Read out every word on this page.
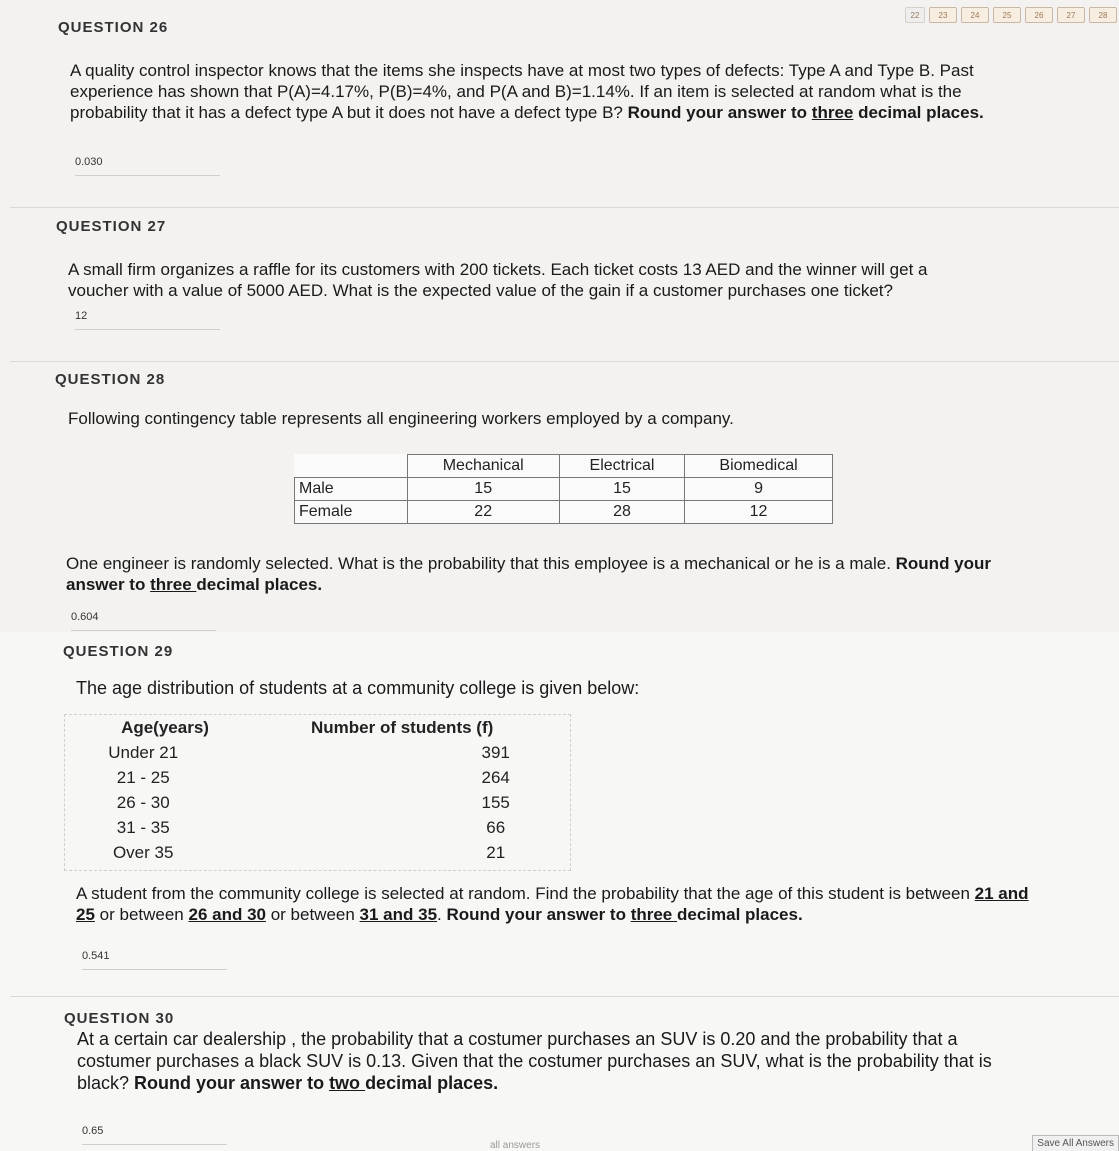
22	23	24	25	26	27	28
QUESTION 26
A quality control inspector knows that the items she inspects have at most two types of defects: Type A and Type B. Past experience has shown that P(A)=4.17%, P(B)=4%, and P(A and B)=1.14%. If an item is selected at random what is the probability that it has a defect type A but it does not have a defect type B? Round your answer to three decimal places.
0.030
QUESTION 27
A small firm organizes a raffle for its customers with 200 tickets. Each ticket costs 13 AED and the winner will get a voucher with a value of 5000 AED. What is the expected value of the gain if a customer purchases one ticket?
12
QUESTION 28
Following contingency table represents all engineering workers employed by a company.
	Mechanical	Electrical	Biomedical
Male	15	15	9
Female	22	28	12
One engineer is randomly selected. What is the probability that this employee is a mechanical or he is a male. Round your answer to three decimal places.
0.604
QUESTION 29
The age distribution of students at a community college is given below:
Age(years)	Number of students (f)
Under 21	391
21 - 25	264
26 - 30	155
31 - 35	66
Over 35	21
A student from the community college is selected at random. Find the probability that the age of this student is between 21 and 25 or between 26 and 30 or between 31 and 35. Round your answer to three decimal places.
0.541
QUESTION 30
At a certain car dealership , the probability that a costumer purchases an SUV is 0.20 and the probability that a costumer purchases a black SUV is 0.13. Given that the costumer purchases an SUV, what is the probability that is black? Round your answer to two decimal places.
0.65
all answers	Save All Answers
